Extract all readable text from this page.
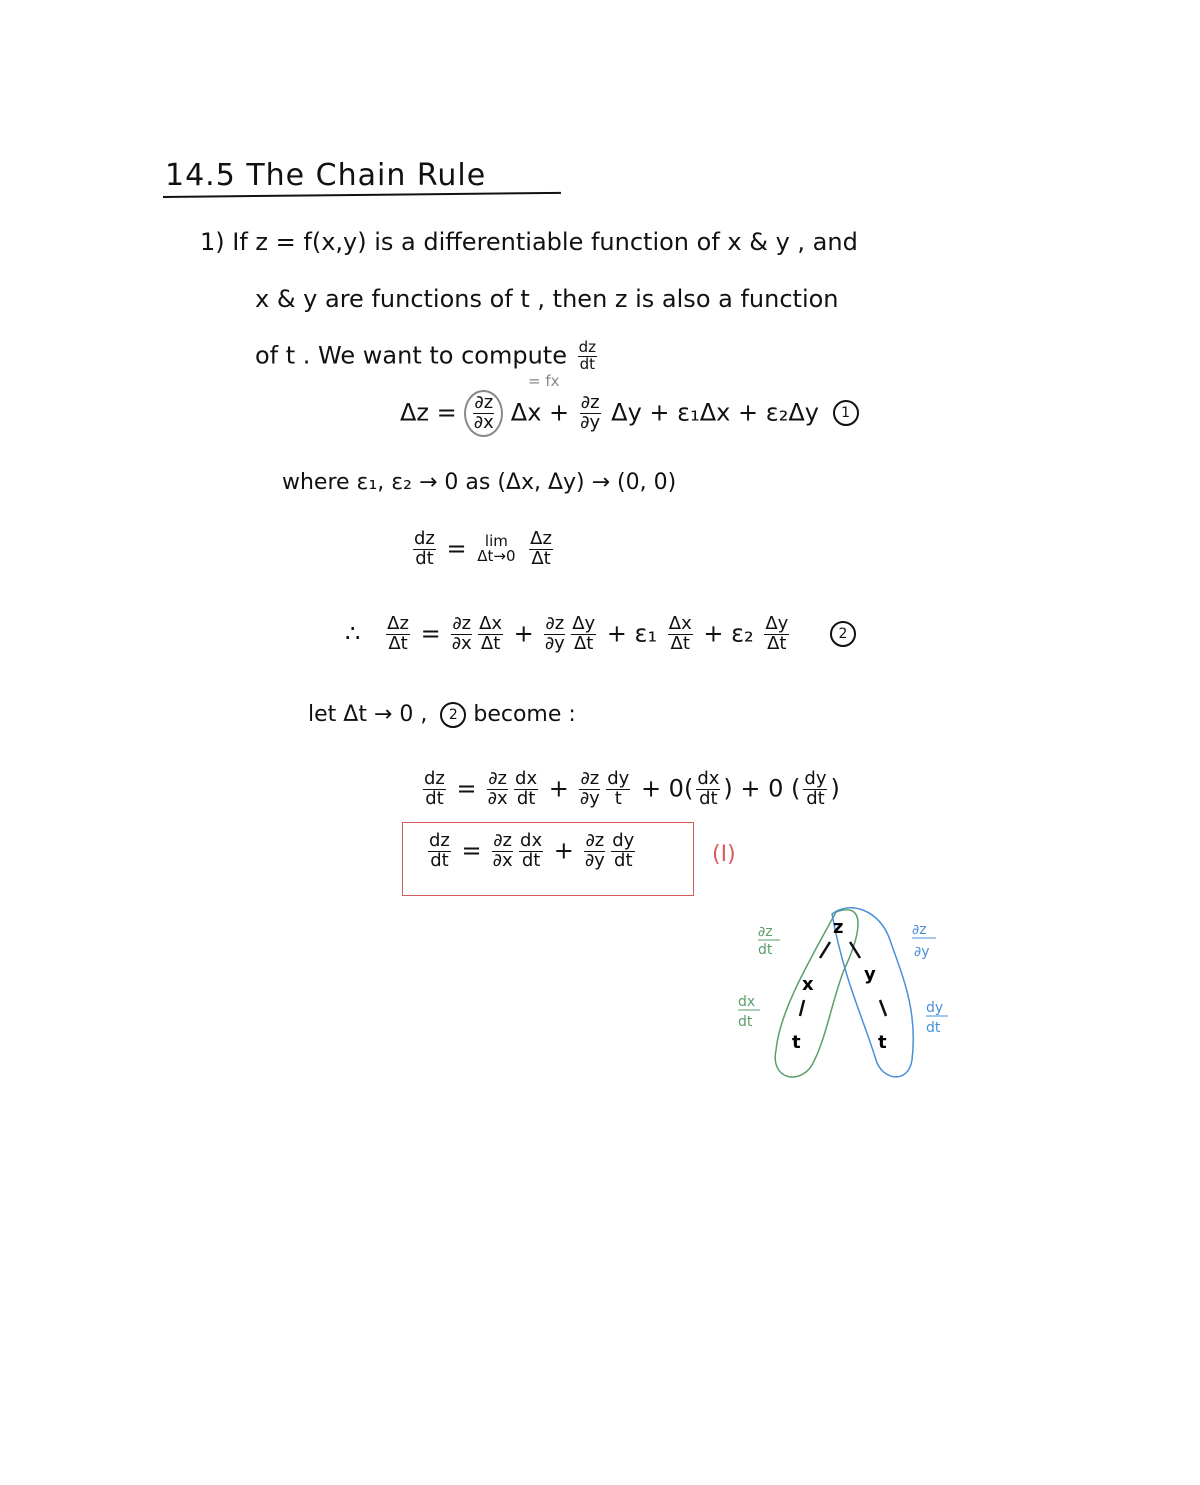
14.5 The Chain Rule
1) If z = f(x,y) is a differentiable function of x & y , and
x & y are functions of t , then z is also a function
of t . We want to compute $\frac{dz}{dt}$
= fx
$\Delta z = \frac{\partial z}{\partial x}$ $\Delta x + \frac{\partial z}{\partial y}$ Δy + ε₁Δx + ε₂Δy 1
where ε₁, ε₂ → 0 as (Δx, Δy) → (0, 0)
$\frac{dz}{dt} = \lim$
Δt→0
$\frac{\Delta z}{\Delta t}$
∴ $\frac{\Delta z}{\Delta t} = \frac{\partial z}{\partial x} \frac{\Delta x}{\Delta t} + \frac{\partial z}{\partial y} \frac{\Delta y}{\Delta t} + \varepsilon_1 \frac{\Delta x}{\Delta t} + \varepsilon_2 \frac{\Delta y}{\Delta t}$	2
let Δt → 0 , 2 become :
$\frac{dz}{dt} = \frac{\partial z}{\partial x} \frac{dx}{dt} + \frac{\partial z}{\partial y} \frac{dy}{t} + 0( \frac{dx}{dt}$ ) + 0 ( $\frac{dy}{dt}$ )
$\frac{dz}{dt} = \frac{\partial z}{\partial x} \frac{dx}{dt} + \frac{\partial z}{\partial y} \frac{dy}{dt}$	(I)
z
x	y
t	t
∂z
dt
dx
dt
∂z
∂y
dy
dt
